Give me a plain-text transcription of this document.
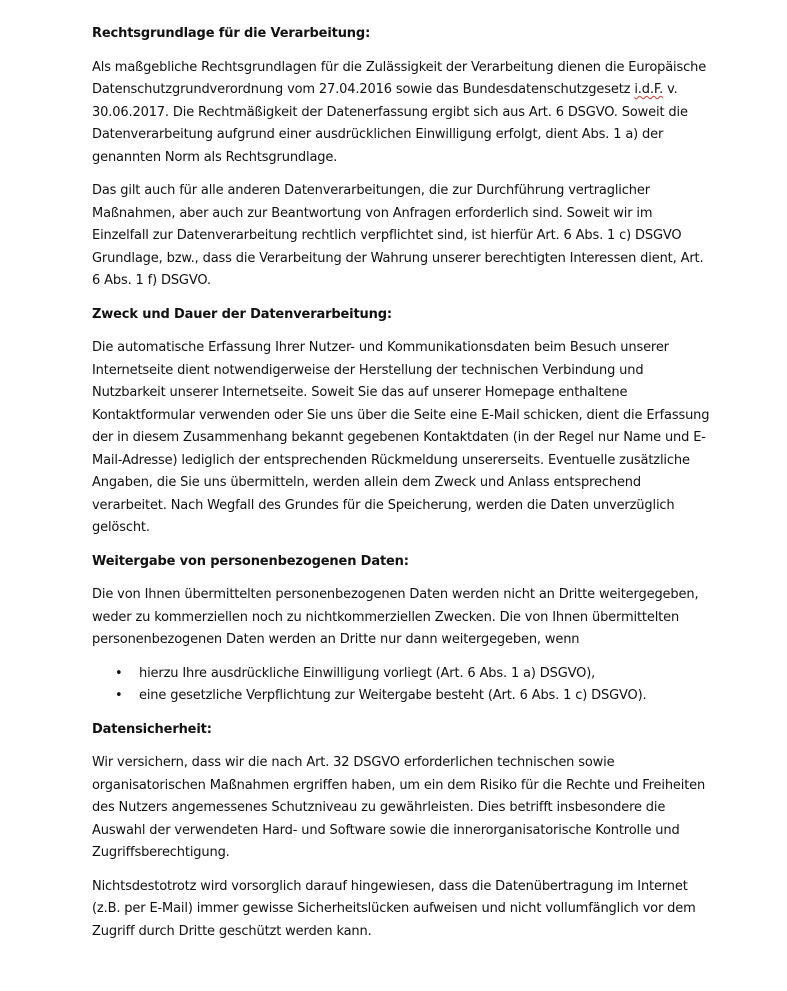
Rechtsgrundlage für die Verarbeitung:

Als maßgebliche Rechtsgrundlagen für die Zulässigkeit der Verarbeitung dienen die Europäische Datenschutzgrundverordnung vom 27.04.2016 sowie das Bundesdatenschutzgesetz i.d.F. v. 30.06.2017. Die Rechtmäßigkeit der Datenerfassung ergibt sich aus Art. 6 DSGVO. Soweit die Datenverarbeitung aufgrund einer ausdrücklichen Einwilligung erfolgt, dient Abs. 1 a) der genannten Norm als Rechtsgrundlage.

Das gilt auch für alle anderen Datenverarbeitungen, die zur Durchführung vertraglicher Maßnahmen, aber auch zur Beantwortung von Anfragen erforderlich sind. Soweit wir im Einzelfall zur Datenverarbeitung rechtlich verpflichtet sind, ist hierfür Art. 6 Abs. 1 c) DSGVO Grundlage, bzw., dass die Verarbeitung der Wahrung unserer berechtigten Interessen dient, Art. 6 Abs. 1 f) DSGVO.

Zweck und Dauer der Datenverarbeitung:

Die automatische Erfassung Ihrer Nutzer- und Kommunikationsdaten beim Besuch unserer Internetseite dient notwendigerweise der Herstellung der technischen Verbindung und Nutzbarkeit unserer Internetseite. Soweit Sie das auf unserer Homepage enthaltene Kontaktformular verwenden oder Sie uns über die Seite eine E-Mail schicken, dient die Erfassung der in diesem Zusammenhang bekannt gegebenen Kontaktdaten (in der Regel nur Name und E-Mail-Adresse) lediglich der entsprechenden Rückmeldung unsererseits. Eventuelle zusätzliche Angaben, die Sie uns übermitteln, werden allein dem Zweck und Anlass entsprechend verarbeitet. Nach Wegfall des Grundes für die Speicherung, werden die Daten unverzüglich gelöscht.

Weitergabe von personenbezogenen Daten:

Die von Ihnen übermittelten personenbezogenen Daten werden nicht an Dritte weitergegeben, weder zu kommerziellen noch zu nichtkommerziellen Zwecken. Die von Ihnen übermittelten personenbezogenen Daten werden an Dritte nur dann weitergegeben, wenn

• hierzu Ihre ausdrückliche Einwilligung vorliegt (Art. 6 Abs. 1 a) DSGVO),
• eine gesetzliche Verpflichtung zur Weitergabe besteht (Art. 6 Abs. 1 c) DSGVO).
Datensicherheit:

Wir versichern, dass wir die nach Art. 32 DSGVO erforderlichen technischen sowie organisatorischen Maßnahmen ergriffen haben, um ein dem Risiko für die Rechte und Freiheiten des Nutzers angemessenes Schutzniveau zu gewährleisten. Dies betrifft insbesondere die Auswahl der verwendeten Hard- und Software sowie die innerorganisatorische Kontrolle und Zugriffsberechtigung.

Nichtsdestotrotz wird vorsorglich darauf hingewiesen, dass die Datenübertragung im Internet (z.B. per E-Mail) immer gewisse Sicherheitslücken aufweisen und nicht vollumfänglich vor dem Zugriff durch Dritte geschützt werden kann.
